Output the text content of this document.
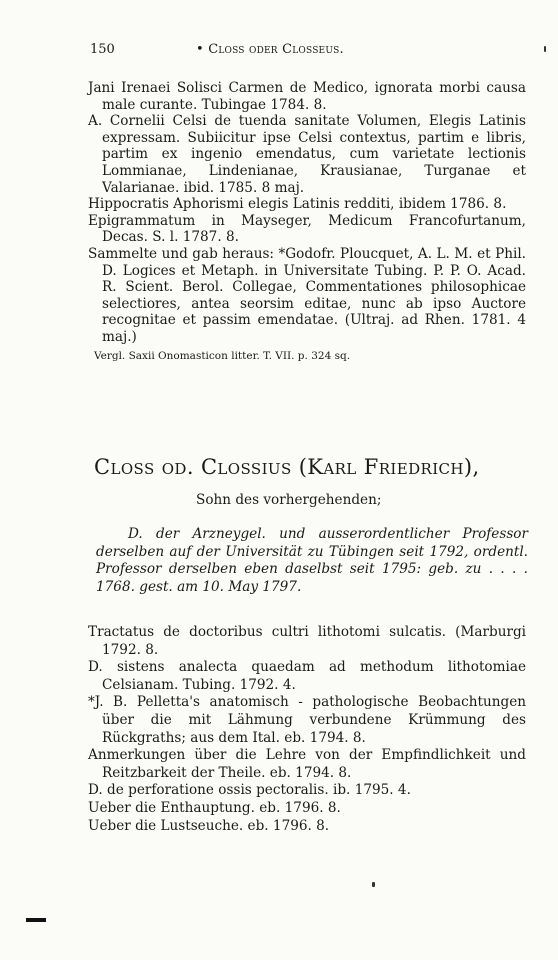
150	• Closs oder Closseus.

Jani Irenaei Solisci Carmen de Medico, ignorata morbi causa male curante. Tubingae 1784. 8.

A. Cornelii Celsi de tuenda sanitate Volumen, Elegis Latinis expressam. Subiicitur ipse Celsi contextus, partim e libris, partim ex ingenio emendatus, cum varietate lectionis Lommianae, Lindenianae, Krausianae, Turganae et Valarianae. ibid. 1785. 8 maj.

Hippocratis Aphorismi elegis Latinis redditi, ibidem 1786. 8.

Epigrammatum in Mayseger, Medicum Francofurtanum, Decas. S. l. 1787. 8.

Sammelte und gab heraus: *Godofr. Ploucquet, A. L. M. et Phil. D. Logices et Metaph. in Universitate Tubing. P. P. O. Acad. R. Scient. Berol. Collegae, Commentationes philosophicae selectiores, antea seorsim editae, nunc ab ipso Auctore recognitae et passim emendatae. (Ultraj. ad Rhen. 1781. 4 maj.)

Vergl. Saxii Onomasticon litter. T. VII. p. 324 sq.

Closs od. Clossius (Karl Friedrich),
Sohn des vorhergehenden;

D. der Arzneygel. und ausserordentlicher Professor derselben auf der Universität zu Tübingen seit 1792, ordentl. Professor derselben eben daselbst seit 1795: geb. zu . . . . 1768. gest. am 10. May 1797.

Tractatus de doctoribus cultri lithotomi sulcatis. (Marburgi 1792. 8.

D. sistens analecta quaedam ad methodum lithotomiae Celsianam. Tubing. 1792. 4.

*J. B. Pelletta's anatomisch - pathologische Beobachtungen über die mit Lähmung verbundene Krümmung des Rückgraths; aus dem Ital. eb. 1794. 8.

Anmerkungen über die Lehre von der Empfindlichkeit und Reitzbarkeit der Theile. eb. 1794. 8.

D. de perforatione ossis pectoralis. ib. 1795. 4.

Ueber die Enthauptung. eb. 1796. 8.

Ueber die Lustseuche. eb. 1796. 8.
